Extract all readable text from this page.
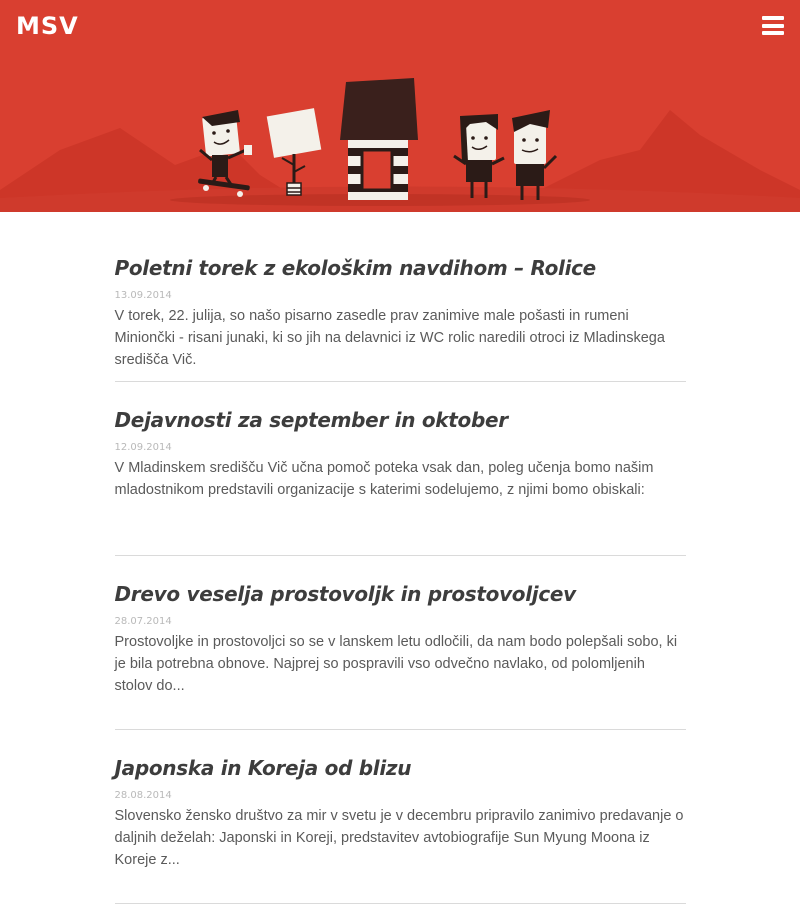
MSV
Poletni torek z ekološkim navdihom – Rolice
13.09.2014

V torek, 22. julija, so našo pisarno zasedle prav zanimive male pošasti in rumeni Miniončki - risani junaki, ki so jih na delavnici iz WC rolic naredili otroci iz Mladinskega središča Vič.

Dejavnosti za september in oktober
12.09.2014

V Mladinskem središču Vič učna pomoč poteka vsak dan, poleg učenja bomo našim mladostnikom predstavili organizacije s katerimi sodelujemo, z njimi bomo obiskali:

Drevo veselja prostovoljk in prostovoljcev
28.07.2014

Prostovoljke in prostovoljci so se v lanskem letu odločili, da nam bodo polepšali sobo, ki je bila potrebna obnove. Najprej so pospravili vso odvečno navlako, od polomljenih stolov do...

Japonska in Koreja od blizu
28.08.2014

Slovensko žensko društvo za mir v svetu je v decembru pripravilo zanimivo predavanje o daljnih deželah: Japonski in Koreji, predstavitev avtobiografije Sun Myung Moona iz Koreje z...
